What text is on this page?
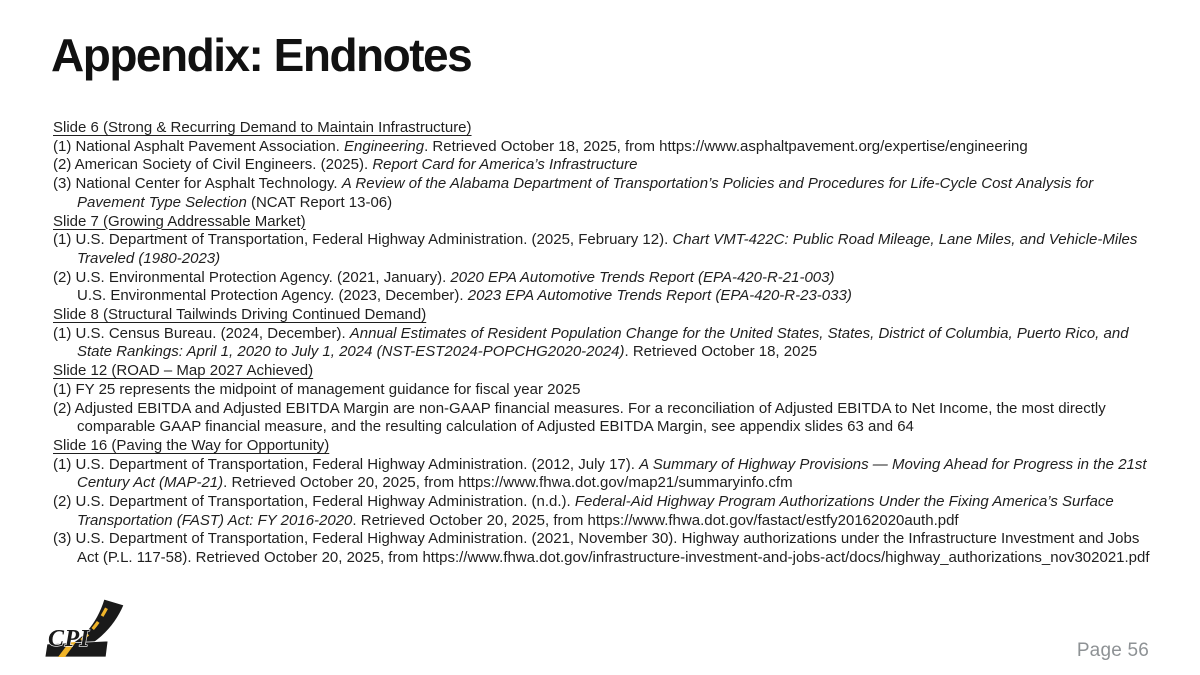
Appendix: Endnotes
Slide 6 (Strong & Recurring Demand to Maintain Infrastructure)
(1) National Asphalt Pavement Association. Engineering. Retrieved October 18, 2025, from https://www.asphaltpavement.org/expertise/engineering
(2) American Society of Civil Engineers. (2025). Report Card for America’s Infrastructure
(3) National Center for Asphalt Technology. A Review of the Alabama Department of Transportation’s Policies and Procedures for Life-Cycle Cost Analysis for Pavement Type Selection (NCAT Report 13-06)
Slide 7 (Growing Addressable Market)
(1) U.S. Department of Transportation, Federal Highway Administration. (2025, February 12). Chart VMT-422C: Public Road Mileage, Lane Miles, and Vehicle-Miles Traveled (1980-2023)
(2) U.S. Environmental Protection Agency. (2021, January). 2020 EPA Automotive Trends Report (EPA-420-R-21-003)
U.S. Environmental Protection Agency. (2023, December). 2023 EPA Automotive Trends Report (EPA-420-R-23-033)
Slide 8 (Structural Tailwinds Driving Continued Demand)
(1) U.S. Census Bureau. (2024, December). Annual Estimates of Resident Population Change for the United States, States, District of Columbia, Puerto Rico, and State Rankings: April 1, 2020 to July 1, 2024 (NST-EST2024-POPCHG2020-2024). Retrieved October 18, 2025
Slide 12 (ROAD – Map 2027 Achieved)
(1) FY 25 represents the midpoint of management guidance for fiscal year 2025
(2) Adjusted EBITDA and Adjusted EBITDA Margin are non-GAAP financial measures. For a reconciliation of Adjusted EBITDA to Net Income, the most directly comparable GAAP financial measure, and the resulting calculation of Adjusted EBITDA Margin, see appendix slides 63 and 64
Slide 16 (Paving the Way for Opportunity)
(1) U.S. Department of Transportation, Federal Highway Administration. (2012, July 17). A Summary of Highway Provisions — Moving Ahead for Progress in the 21st Century Act (MAP-21). Retrieved October 20, 2025, from https://www.fhwa.dot.gov/map21/summaryinfo.cfm
(2) U.S. Department of Transportation, Federal Highway Administration. (n.d.). Federal-Aid Highway Program Authorizations Under the Fixing America’s Surface Transportation (FAST) Act: FY 2016-2020. Retrieved October 20, 2025, from https://www.fhwa.dot.gov/fastact/estfy20162020auth.pdf
(3) U.S. Department of Transportation, Federal Highway Administration. (2021, November 30). Highway authorizations under the Infrastructure Investment and Jobs Act (P.L. 117-58). Retrieved October 20, 2025, from https://www.fhwa.dot.gov/infrastructure-investment-and-jobs-act/docs/highway_authorizations_nov302021.pdf
CPI	Page 56
